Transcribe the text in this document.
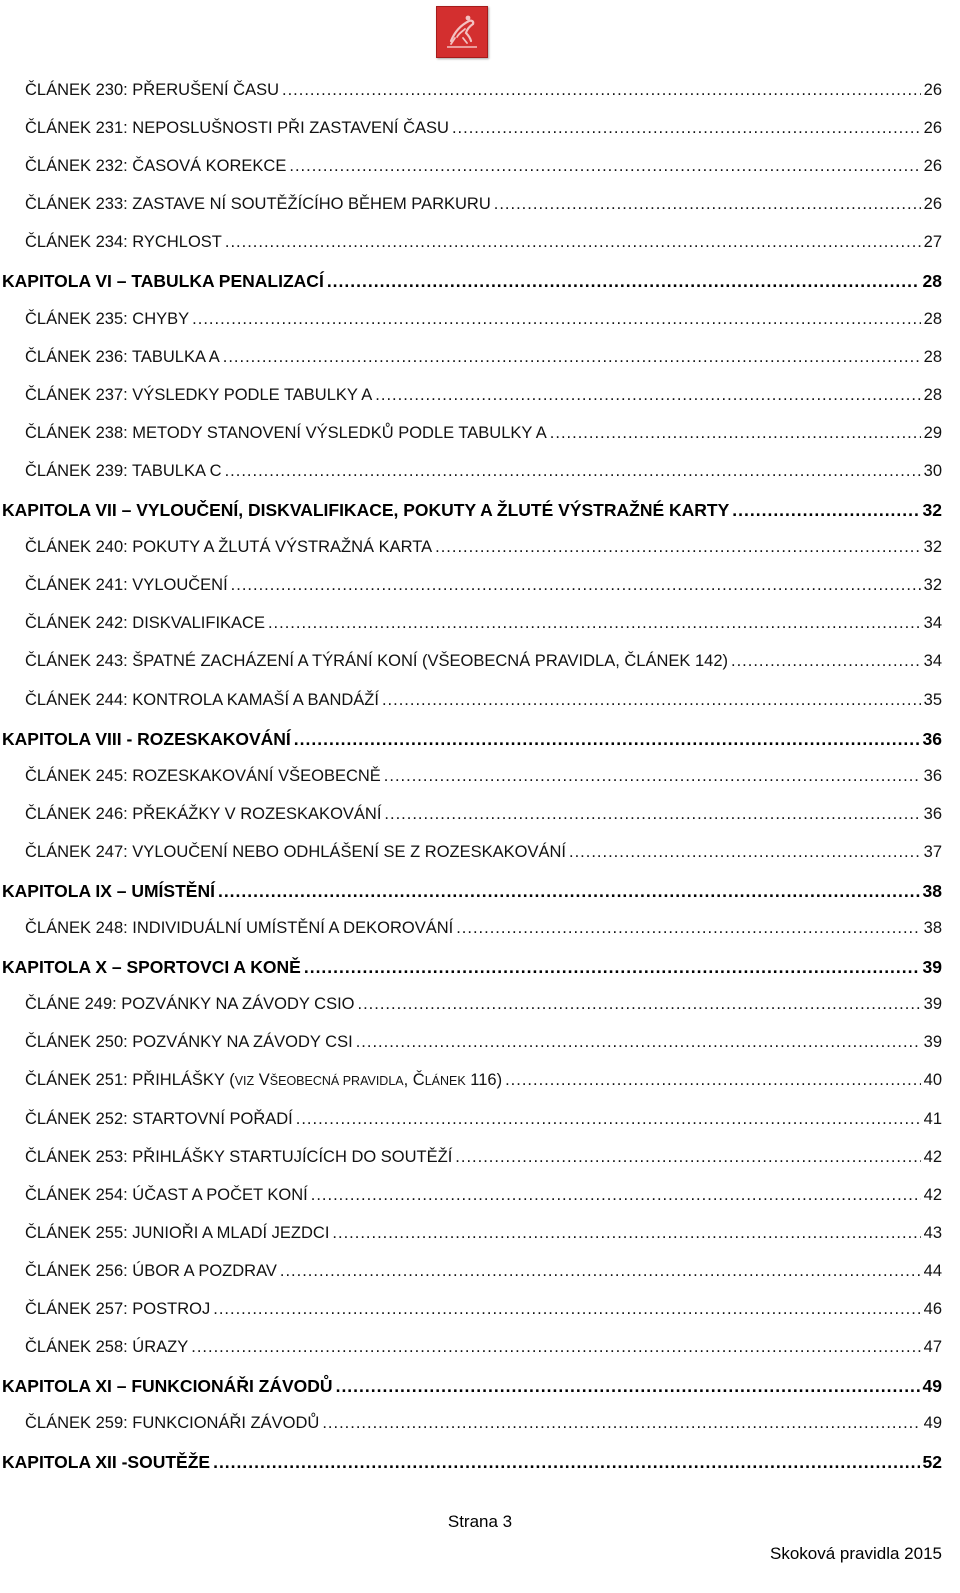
ČLÁNEK 230: PŘERUŠENÍ ČASU .....	26
ČLÁNEK 231: NEPOSLUŠNOSTI PŘI ZASTAVENÍ ČASU .....	26
ČLÁNEK 232: ČASOVÁ KOREKCE .....	26
ČLÁNEK 233: ZASTAVE NÍ SOUTĚŽÍCÍHO BĚHEM PARKURU .....	26
ČLÁNEK 234: RYCHLOST .....	27
KAPITOLA VI – TABULKA PENALIZACÍ .....	28
ČLÁNEK 235: CHYBY .....	28
ČLÁNEK 236: TABULKA A .....	28
ČLÁNEK 237: VÝSLEDKY PODLE TABULKY A .....	28
ČLÁNEK 238: METODY STANOVENÍ VÝSLEDKŮ PODLE TABULKY A .....	29
ČLÁNEK 239: TABULKA C .....	30
KAPITOLA VII – VYLOUČENÍ, DISKVALIFIKACE, POKUTY A ŽLUTÉ VÝSTRAŽNÉ KARTY .....	32
ČLÁNEK 240: POKUTY A ŽLUTÁ VÝSTRAŽNÁ KARTA .....	32
ČLÁNEK 241: VYLOUČENÍ .....	32
ČLÁNEK 242: DISKVALIFIKACE .....	34
ČLÁNEK 243: ŠPATNÉ ZACHÁZENÍ A TÝRÁNÍ KONÍ (VŠEOBECNÁ PRAVIDLA, ČLÁNEK 142) .....	34
ČLÁNEK 244: KONTROLA KAMAŠÍ A BANDÁŽÍ .....	35
KAPITOLA VIII - ROZESKAKOVÁNÍ .....	36
ČLÁNEK 245: ROZESKAKOVÁNÍ VŠEOBECNĚ .....	36
ČLÁNEK 246: PŘEKÁŽKY V ROZESKAKOVÁNÍ .....	36
ČLÁNEK 247: VYLOUČENÍ NEBO ODHLÁŠENÍ SE Z ROZESKAKOVÁNÍ .....	37
KAPITOLA IX – UMÍSTĚNÍ .....	38
ČLÁNEK 248: INDIVIDUÁLNÍ UMÍSTĚNÍ A DEKOROVÁNÍ .....	38
KAPITOLA X – SPORTOVCI A KONĚ .....	39
ČLÁNE 249: POZVÁNKY NA ZÁVODY CSIO .....	39
ČLÁNEK 250: POZVÁNKY NA ZÁVODY CSI .....	39
ČLÁNEK 251: PŘIHLÁŠKY (VIZ VŠEOBECNÁ PRAVIDLA, ČLÁNEK 116) .....	40
ČLÁNEK 252: STARTOVNÍ POŘADÍ .....	41
ČLÁNEK 253: PŘIHLÁŠKY STARTUJÍCÍCH DO SOUTĚŽÍ .....	42
ČLÁNEK 254: ÚČAST A POČET KONÍ .....	42
ČLÁNEK 255: JUNIOŘI A MLADÍ JEZDCI .....	43
ČLÁNEK 256: ÚBOR A POZDRAV .....	44
ČLÁNEK 257: POSTROJ .....	46
ČLÁNEK 258: ÚRAZY .....	47
KAPITOLA XI – FUNKCIONÁŘI ZÁVODŮ .....	49
ČLÁNEK 259: FUNKCIONÁŘI ZÁVODŮ .....	49
KAPITOLA XII -SOUTĚŽE .....	52
Strana 3
Skoková pravidla 2015
